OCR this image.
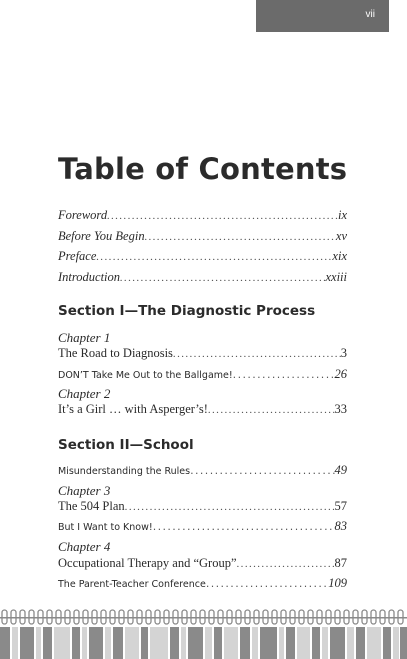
vii
Table of Contents
Foreword .....	ix
Before You Begin .....	xv
Preface .....	xix
Introduction .....	xxiii
Section I—The Diagnostic Process
Chapter 1
The Road to Diagnosis .....	3
DON’T Take Me Out to the Ballgame! .....	26
Chapter 2
It’s a Girl … with Asperger’s! .....	33
Section II—School
Misunderstanding the Rules .....	49
Chapter 3
The 504 Plan .....	57
But I Want to Know! .....	83
Chapter 4
Occupational Therapy and “Group” .....	87
The Parent-Teacher Conference .....	109
